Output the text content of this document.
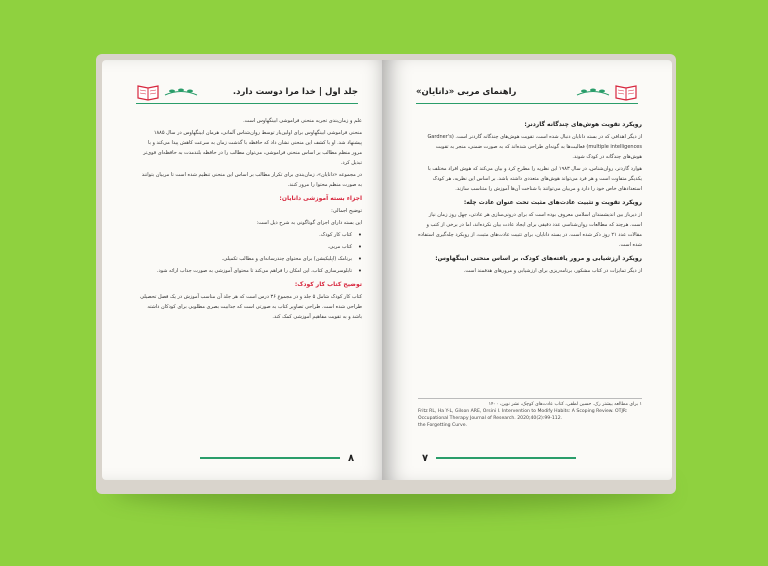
جلد اول | خدا مرا دوست دارد.

علم و زمان‌بندی تجربه منحنی فراموشی ابینگهاوس است.

منحنی فراموشی ابینگهاوس برای اولین‌بار توسط روان‌شناس آلمانی، هرمان ابینگهاوس در سال ۱۸۸۵ پیشنهاد شد. او با کشف این منحنی نشان داد که حافظه با گذشت زمان به سرعت کاهش پیدا می‌کند و با مرور منظم مطالب بر اساس منحنی فراموشی، می‌توان مطالب را در حافظه بلندمدت به حافظه‌ای قوی‌تر تبدیل کرد.

در مجموعه «دانایان»، زمان‌بندی برای تکرار مطالب بر اساس این منحنی تنظیم شده است تا مربیان بتوانند به صورت منظم محتوا را مرور کنند.

اجزاء بسته آموزشی دانایان:

توضیح اجمالی:

این بسته دارای اجزای گوناگونی به شرح ذیل است:

• کتاب کار کودک.

• کتاب مربی.

• برنامک (اپلیکیشن) برای محتوای چندرسانه‌ای و مطالب تکمیلی.

• تابلوسرسازی کتاب، این امکان را فراهم می‌کند تا محتوای آموزشی به صورت جذاب ارائه شود.

توضیح کتاب کار کودک:

کتاب کار کودک شامل ۵ جلد و در مجموع ۳۶ درس است که هر جلد آن مناسب آموزش در یک فصل تحصیلی طراحی شده است. طراحی تصاویر کتاب به صورتی است که جذابیت بصری مطلوبی برای کودکان داشته باشد و به تقویت مفاهیم آموزشی کمک کند.

۸
راهنمای مربی «دانایان»
رویکرد تقویت هوش‌های چندگانه گاردنر:

از دیگر اهدافی که در بسته دانایان دنبال شده است، تقویت هوش‌های چندگانه گاردنر است. (Gardner's multiple intelligences) فعالیت‌ها به گونه‌ای طراحی شده‌اند که به صورت ضمنی، منجر به تقویت هوش‌های چندگانه در کودک شوند.

هوارد گاردنر، روان‌شناس، در سال ۱۹۸۳ این نظریه را مطرح کرد و بیان می‌کند که هوش افراد مختلف با یکدیگر متفاوت است و هر فرد می‌تواند هوش‌های متعددی داشته باشد. بر اساس این نظریه، هر کودک استعدادهای خاص خود را دارد و مربیان می‌توانند با شناخت آن‌ها آموزش را متناسب سازند.

رویکرد تقویت و تثبیت عادت‌های مثبت تحت عنوان عادت چله:

از دیرباز بین اندیشمندان اسلامی معروف بوده است که برای درونی‌سازی هر عادتی، چهل روز زمان نیاز است. هرچند که مطالعات روان‌شناسی عدد دقیقی برای ایجاد عادت بیان نکرده‌اند، اما در برخی از کتب و مقالات عدد ۲۱ روز ذکر شده است. در بسته دانایان، برای تثبیت عادت‌های مثبت، از رویکرد چله‌گیری استفاده شده است.

رویکرد ارزشیابی و مرور یافته‌های کودک، بر اساس منحنی ابینگهاوس:

از دیگر تمایزات در کتاب مشکور، برنامه‌ریزی برای ارزشیابی و مرورهای هدفمند است.

۱ برای مطالعه بیشتر رک. حسین لطفی، کتاب عادت‌های کوچک، نشر نوین، ۱۴۰۰

Fritz RL, Ha Y-L, Gilson ARE, Orsini I. Intervention to Modify Habits: A Scoping Review. OTJR: Occupational Therapy Journal of Research. 2020;40(2):99-112.

the Forgetting Curve.

۷
